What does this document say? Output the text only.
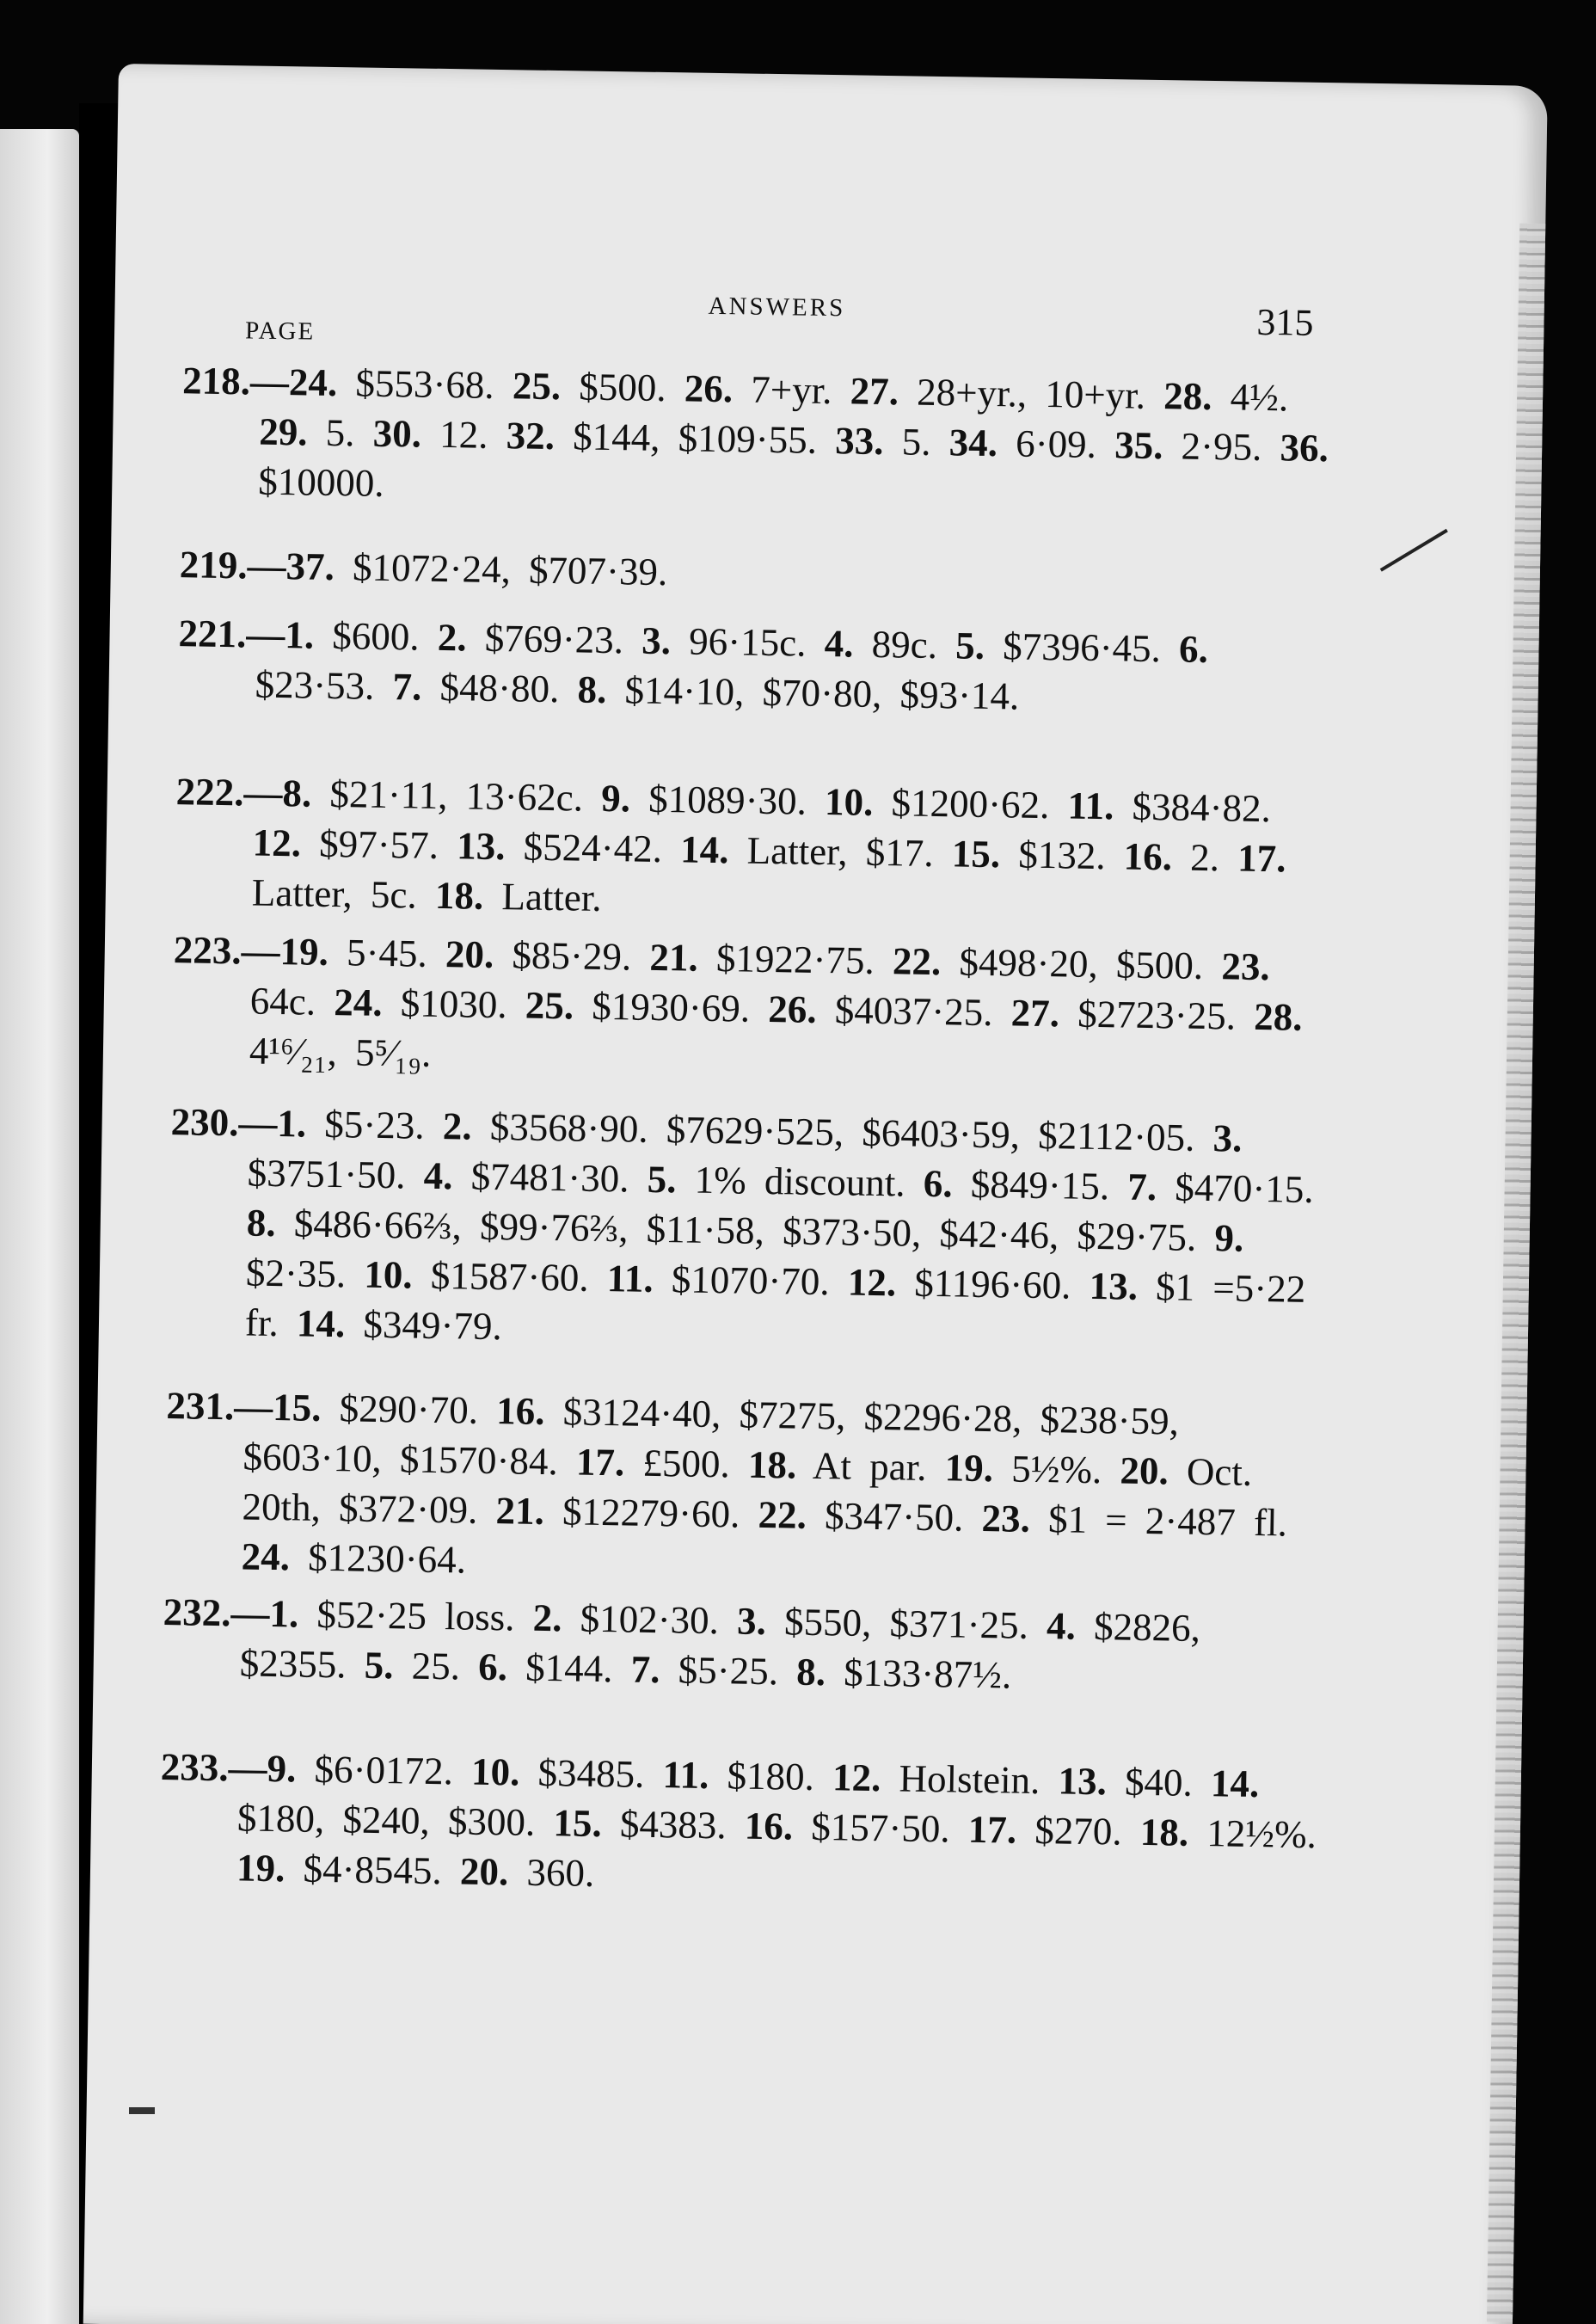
ANSWERS	315
PAGE
218.—24. $553·68. 25. $500. 26. 7+yr. 27. 28+yr., 10+yr. 28. 4½. 29. 5. 30. 12. 32. $144, $109·55. 33. 5. 34. 6·09. 35. 2·95. 36. $10000.
219.—37. $1072·24, $707·39.
221.—1. $600. 2. $769·23. 3. 96·15c. 4. 89c. 5. $7396·45. 6. $23·53. 7. $48·80. 8. $14·10, $70·80, $93·14.
222.—8. $21·11, 13·62c. 9. $1089·30. 10. $1200·62. 11. $384·82. 12. $97·57. 13. $524·42. 14. Latter, $17. 15. $132. 16. 2. 17. Latter, 5c. 18. Latter.
223.—19. 5·45. 20. $85·29. 21. $1922·75. 22. $498·20, $500. 23. 64c. 24. $1030. 25. $1930·69. 26. $4037·25. 27. $2723·25. 28. 4¹⁶⁄₂₁, 5⁵⁄₁₉.
230.—1. $5·23. 2. $3568·90. $7629·525, $6403·59, $2112·05. 3. $3751·50. 4. $7481·30. 5. 1% discount. 6. $849·15. 7. $470·15. 8. $486·66⅔, $99·76⅔, $11·58, $373·50, $42·46, $29·75. 9. $2·35. 10. $1587·60. 11. $1070·70. 12. $1196·60. 13. $1 =5·22 fr. 14. $349·79.
231.—15. $290·70. 16. $3124·40, $7275, $2296·28, $238·59, $603·10, $1570·84. 17. £500. 18. At par. 19. 5½%. 20. Oct. 20th, $372·09. 21. $12279·60. 22. $347·50. 23. $1 = 2·487 fl. 24. $1230·64.
232.—1. $52·25 loss. 2. $102·30. 3. $550, $371·25. 4. $2826, $2355. 5. 25. 6. $144. 7. $5·25. 8. $133·87½.
233.—9. $6·0172. 10. $3485. 11. $180. 12. Holstein. 13. $40. 14. $180, $240, $300. 15. $4383. 16. $157·50. 17. $270. 18. 12½%. 19. $4·8545. 20. 360.
